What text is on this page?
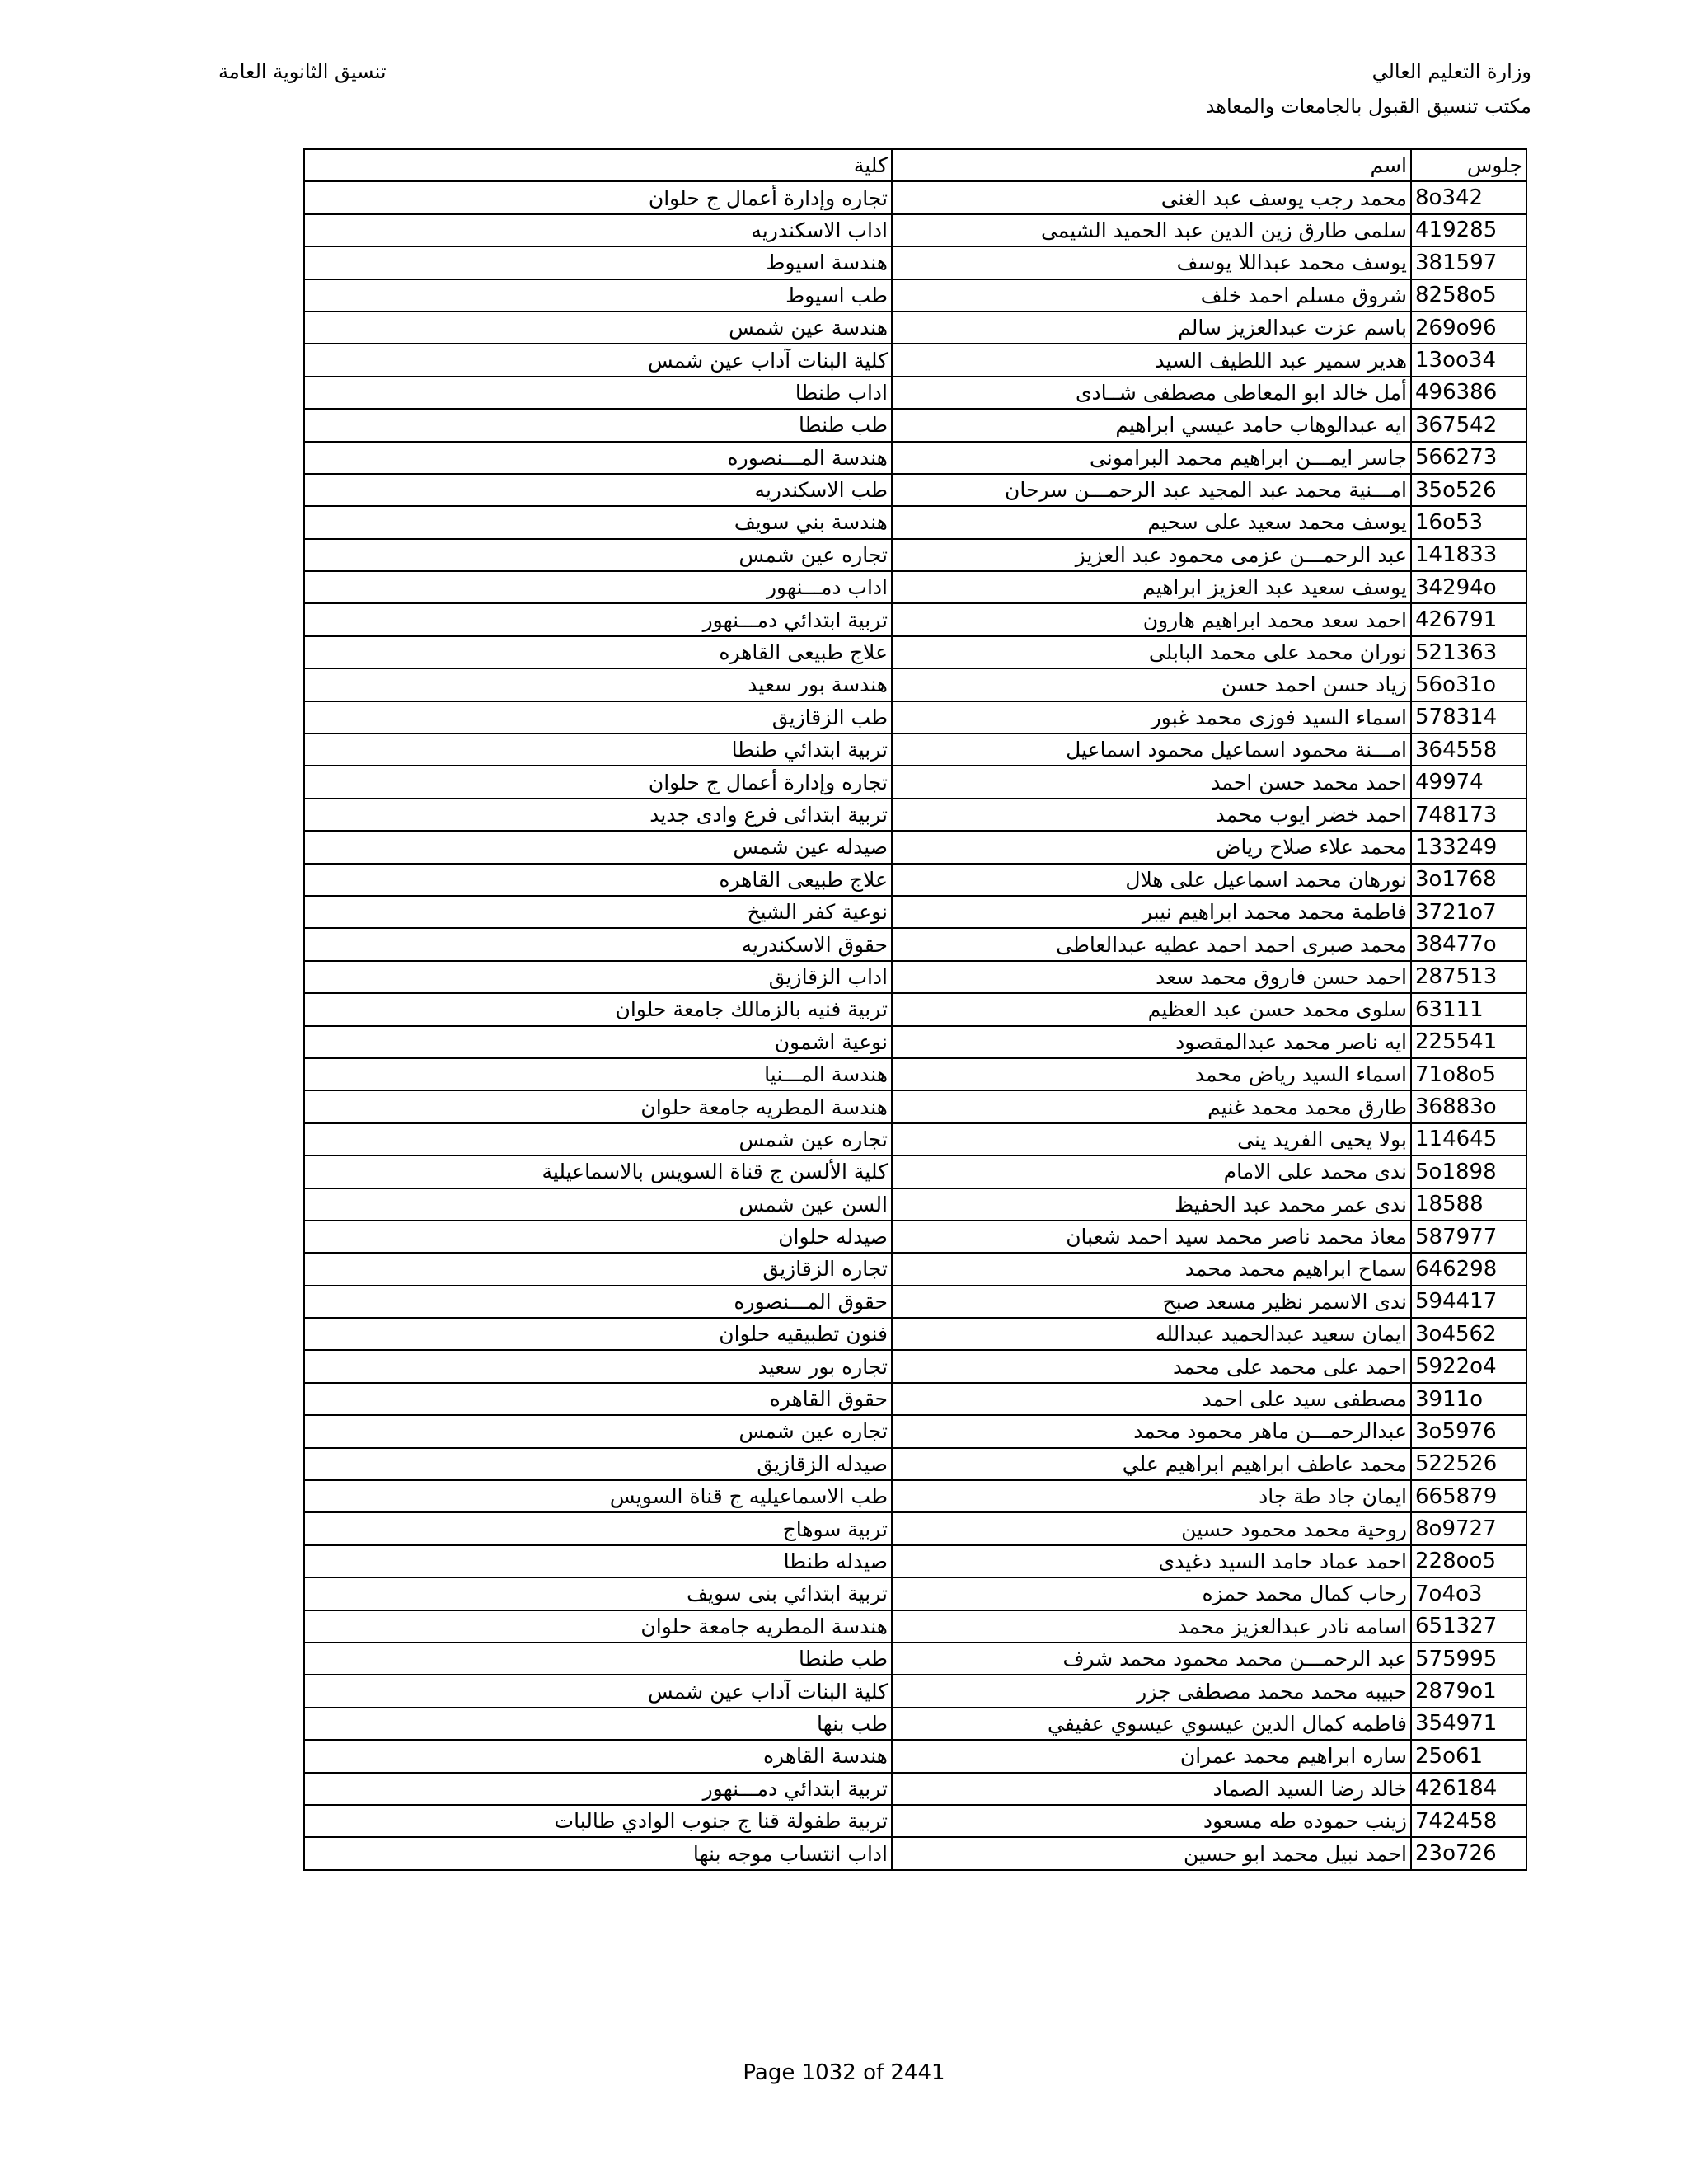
وزارة التعليم العالي
مكتب تنسيق القبول بالجامعات والمعاهد
تنسيق الثانوية العامة
جلوس	اسم	كلية
8o342	محمد رجب يوسف عبد الغنى	تجاره وإدارة أعمال ج حلوان
419285	سلمى طارق زين الدين عبد الحميد الشيمى	اداب الاسكندريه
381597	يوسف محمد عبداللا يوسف	هندسة اسيوط
8258o5	شروق مسلم احمد خلف	طب اسيوط
269o96	باسم عزت عبدالعزيز سالم	هندسة عين شمس
13oo34	هدير سمير عبد اللطيف السيد	كلية البنات آداب عين شمس
496386	أمل خالد ابو المعاطى مصطفى شــادى	اداب طنطا
367542	ايه عبدالوهاب حامد عيسي ابراهيم	طب طنطا
566273	جاسر ايمـــن ابراهيم محمد البرامونى	هندسة المـــنصوره
35o526	امـــنية محمد عبد المجيد عبد الرحمـــن سرحان	طب الاسكندريه
16o53	يوسف محمد سعيد على سحيم	هندسة بني سويف
141833	عبد الرحمـــن عزمى محمود عبد العزيز	تجاره عين شمس
34294o	يوسف سعيد عبد العزيز ابراهيم	اداب دمـــنهور
426791	احمد سعد محمد ابراهيم هارون	تربية ابتدائي دمـــنهور
521363	نوران محمد على محمد البابلى	علاج طبيعى القاهره
56o31o	زياد حسن احمد حسن	هندسة بور سعيد
578314	اسماء السيد فوزى محمد غبور	طب الزقازيق
364558	امـــنة محمود اسماعيل محمود اسماعيل	تربية ابتدائي طنطا
49974	احمد محمد حسن احمد	تجاره وإدارة أعمال ج حلوان
748173	احمد خضر ايوب محمد	تربية ابتدائى فرع وادى جديد
133249	محمد علاء صلاح رياض	صيدله عين شمس
3o1768	نورهان محمد اسماعيل على هلال	علاج طبيعى القاهره
3721o7	فاطمة محمد محمد ابراهيم نيبر	نوعية كفر الشيخ
38477o	محمد صبرى احمد احمد عطيه عبدالعاطى	حقوق الاسكندريه
287513	احمد حسن فاروق محمد سعد	اداب الزقازيق
63111	سلوى محمد حسن عبد العظيم	تربية فنيه بالزمالك جامعة حلوان
225541	ايه ناصر محمد عبدالمقصود	نوعية اشمون
71o8o5	اسماء السيد رياض محمد	هندسة المـــنيا
36883o	طارق محمد محمد غنيم	هندسة المطريه جامعة حلوان
114645	بولا يحيى الفريد ينى	تجاره عين شمس
5o1898	ندى محمد على الامام	كلية الألسن ج قناة السويس بالاسماعيلية
18588	ندى عمر محمد عبد الحفيظ	السن عين شمس
587977	معاذ محمد ناصر محمد سيد احمد شعبان	صيدله حلوان
646298	سماح ابراهيم محمد محمد	تجاره الزقازيق
594417	ندى الاسمر نظير مسعد صبح	حقوق المـــنصوره
3o4562	ايمان سعيد عبدالحميد عبدالله	فنون تطبيقيه حلوان
5922o4	احمد على محمد على محمد	تجاره بور سعيد
3911o	مصطفى سيد على احمد	حقوق القاهره
3o5976	عبدالرحمـــن ماهر محمود محمد	تجاره عين شمس
522526	محمد عاطف ابراهيم ابراهيم علي	صيدله الزقازيق
665879	ايمان جاد طة جاد	طب الاسماعيليه ج قناة السويس
8o9727	روحية محمد محمود حسين	تربية سوهاج
228oo5	احمد عماد حامد السيد دغيدى	صيدله طنطا
7o4o3	رحاب كمال محمد حمزه	تربية ابتدائي بنى سويف
651327	اسامه نادر عبدالعزيز محمد	هندسة المطريه جامعة حلوان
575995	عبد الرحمـــن محمد محمود محمد شرف	طب طنطا
2879o1	حبيبه محمد محمد مصطفى جزر	كلية البنات آداب عين شمس
354971	فاطمه كمال الدين عيسوي عيسوي عفيفي	طب بنها
25o61	ساره ابراهيم محمد عمران	هندسة القاهره
426184	خالد رضا السيد الصماد	تربية ابتدائي دمـــنهور
742458	زينب حموده طه مسعود	تربية طفولة قنا ج جنوب الوادي طالبات
23o726	احمد نبيل محمد ابو حسين	اداب انتساب موجه بنها
Page 1032 of 2441
